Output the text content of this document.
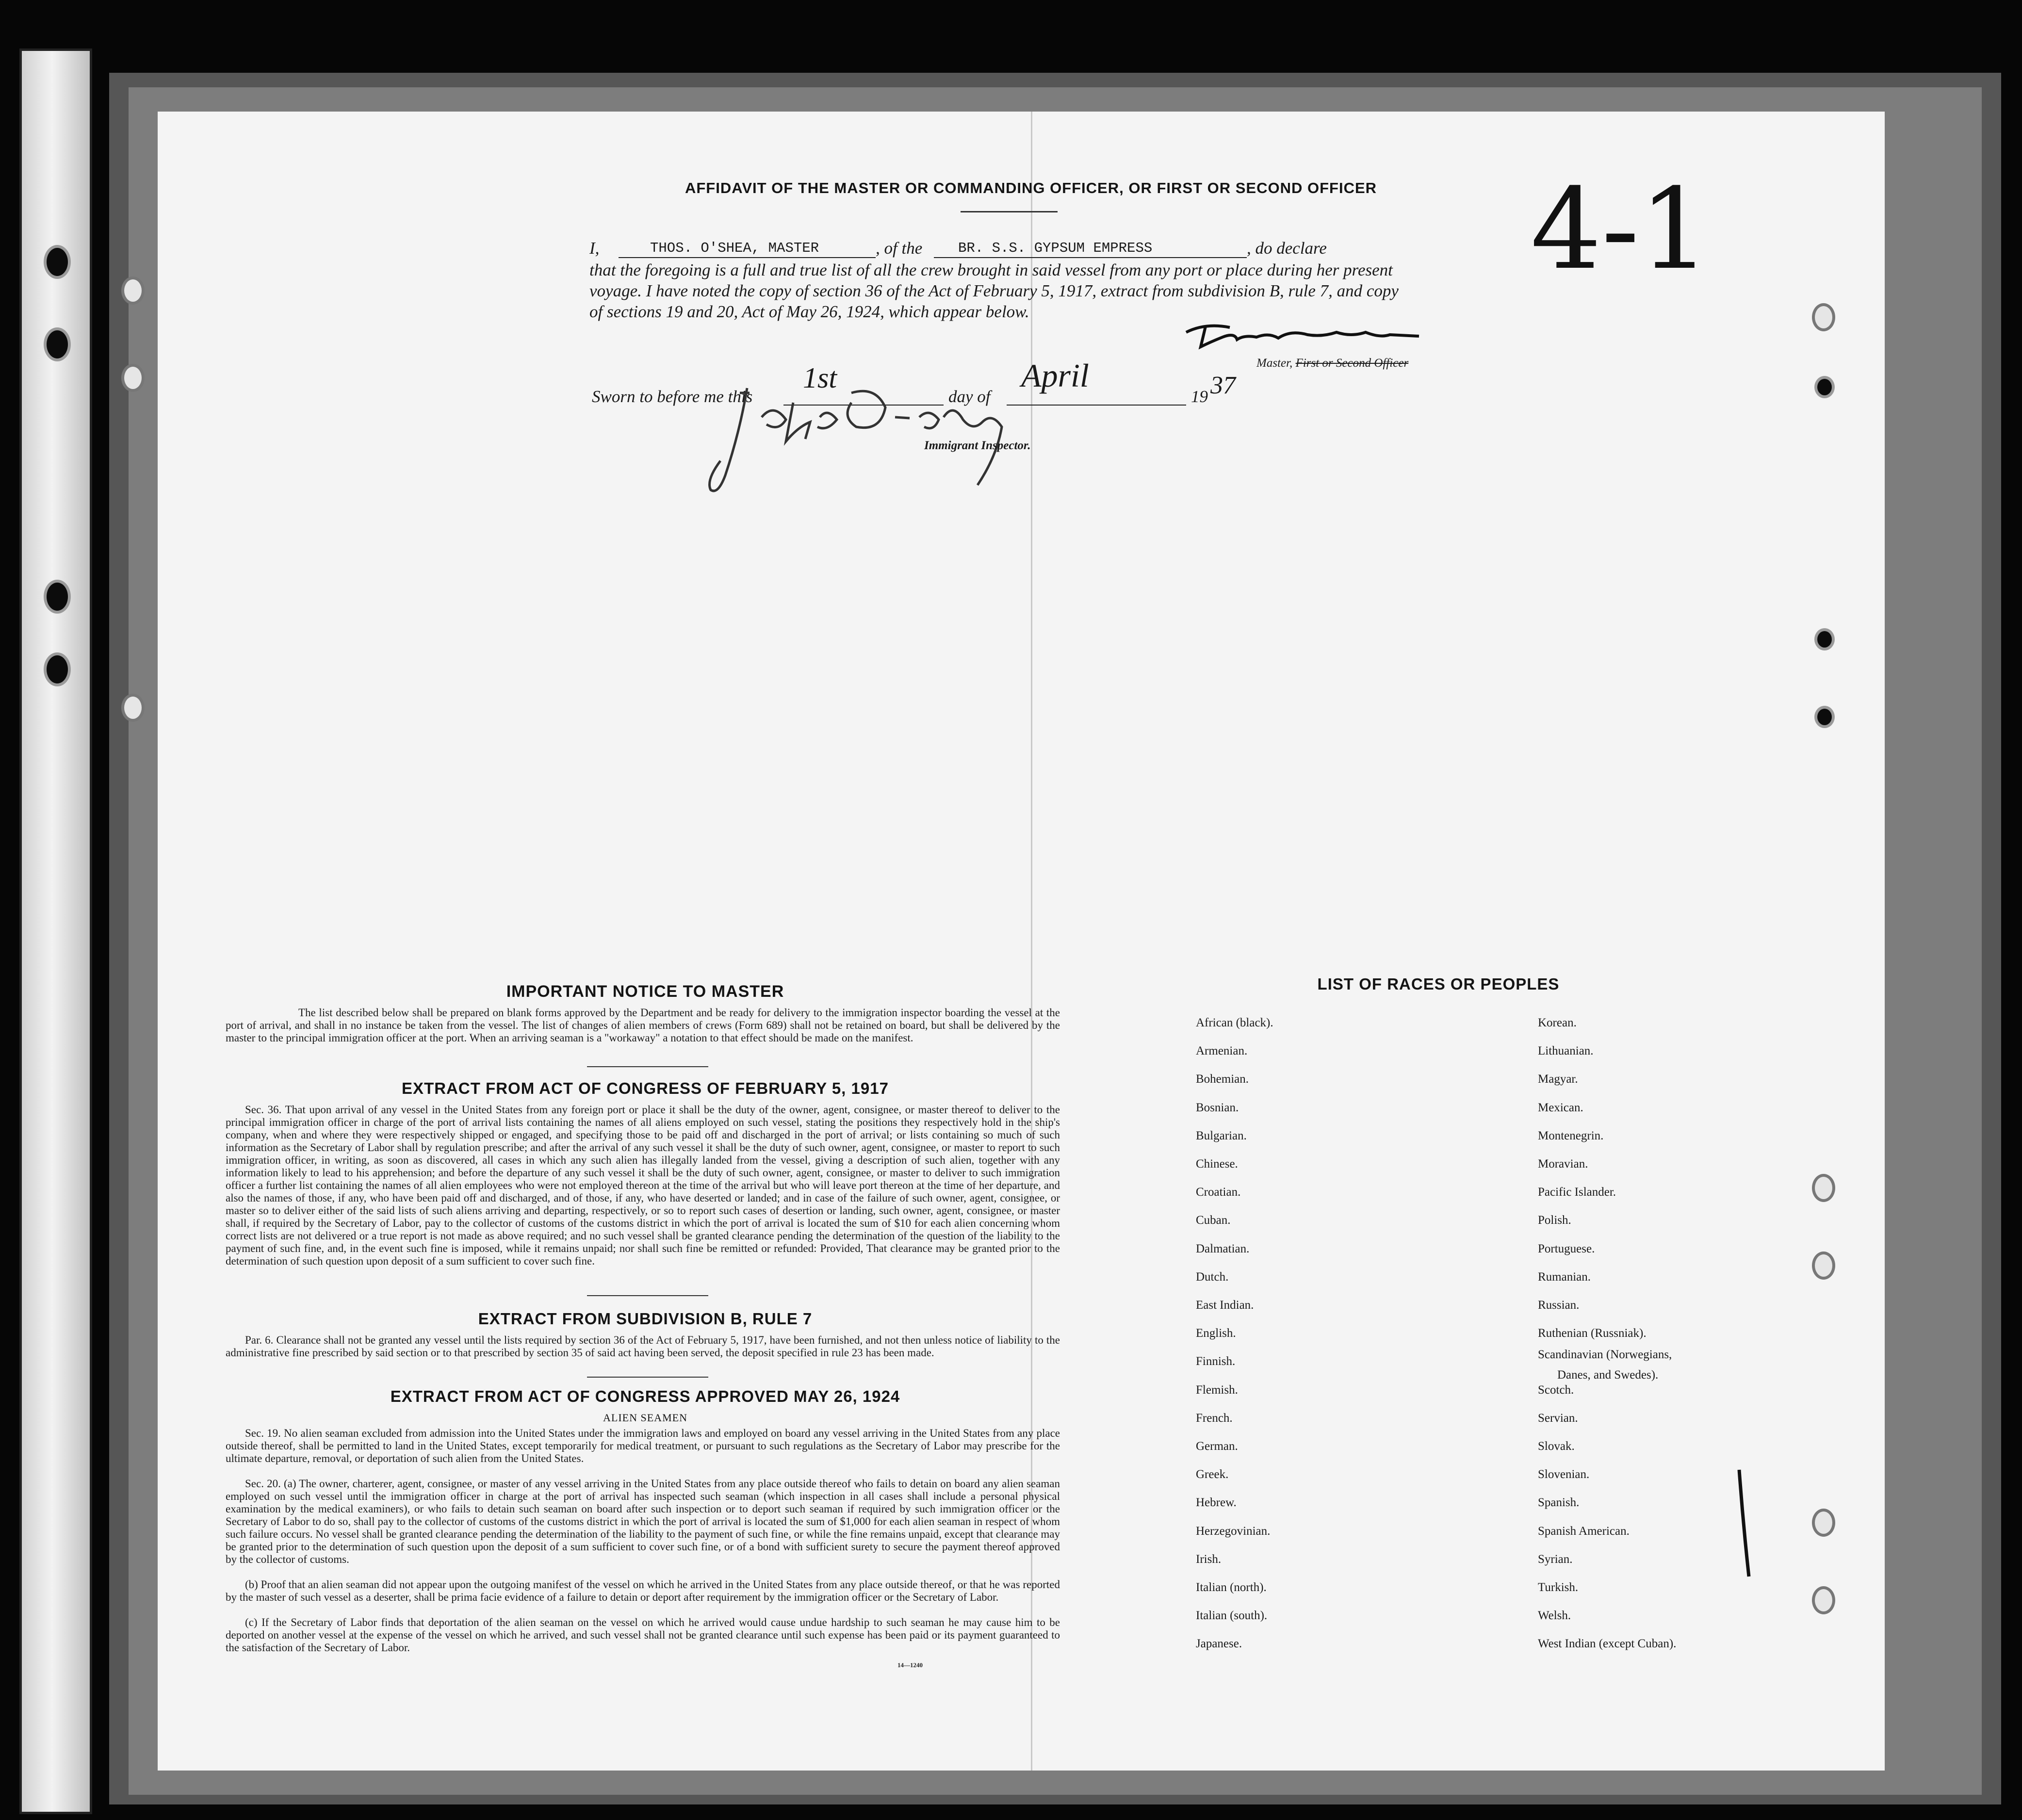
AFFIDAVIT OF THE MASTER OR COMMANDING OFFICER, OR FIRST OR SECOND OFFICER
I,	THOS. O'SHEA, MASTER	, of the	BR. S.S. GYPSUM EMPRESS	, do declare
that the foregoing is a full and true list of all the crew brought in said vessel from any port or place during her present
voyage. I have noted the copy of section 36 of the Act of February 5, 1917, extract from subdivision B, rule 7, and copy
of sections 19 and 20, Act of May 26, 1924, which appear below.
Master, First or Second Officer
Sworn to before me this
1st
day of
April
19 37
Immigrant Inspector.
4-1
IMPORTANT NOTICE TO MASTER
The list described below shall be prepared on blank forms approved by the Department and be ready for delivery to the immigration inspector boarding the vessel at the port of arrival, and shall in no instance be taken from the vessel. The list of changes of alien members of crews (Form 689) shall not be retained on board, but shall be delivered by the master to the principal immigration officer at the port. When an arriving seaman is a "workaway" a notation to that effect should be made on the manifest.
EXTRACT FROM ACT OF CONGRESS OF FEBRUARY 5, 1917
Sec. 36. That upon arrival of any vessel in the United States from any foreign port or place it shall be the duty of the owner, agent, consignee, or master thereof to deliver to the principal immigration officer in charge of the port of arrival lists containing the names of all aliens employed on such vessel, stating the positions they respectively hold in the ship's company, when and where they were respectively shipped or engaged, and specifying those to be paid off and discharged in the port of arrival; or lists containing so much of such information as the Secretary of Labor shall by regulation prescribe; and after the arrival of any such vessel it shall be the duty of such owner, agent, consignee, or master to report to such immigration officer, in writing, as soon as discovered, all cases in which any such alien has illegally landed from the vessel, giving a description of such alien, together with any information likely to lead to his apprehension; and before the departure of any such vessel it shall be the duty of such owner, agent, consignee, or master to deliver to such immigration officer a further list containing the names of all alien employees who were not employed thereon at the time of the arrival but who will leave port thereon at the time of her departure, and also the names of those, if any, who have been paid off and discharged, and of those, if any, who have deserted or landed; and in case of the failure of such owner, agent, consignee, or master so to deliver either of the said lists of such aliens arriving and departing, respectively, or so to report such cases of desertion or landing, such owner, agent, consignee, or master shall, if required by the Secretary of Labor, pay to the collector of customs of the customs district in which the port of arrival is located the sum of $10 for each alien concerning whom correct lists are not delivered or a true report is not made as above required; and no such vessel shall be granted clearance pending the determination of the question of the liability to the payment of such fine, and, in the event such fine is imposed, while it remains unpaid; nor shall such fine be remitted or refunded: Provided, That clearance may be granted prior to the determination of such question upon deposit of a sum sufficient to cover such fine.
EXTRACT FROM SUBDIVISION B, RULE 7
Par. 6. Clearance shall not be granted any vessel until the lists required by section 36 of the Act of February 5, 1917, have been furnished, and not then unless notice of liability to the administrative fine prescribed by said section or to that prescribed by section 35 of said act having been served, the deposit specified in rule 23 has been made.
EXTRACT FROM ACT OF CONGRESS APPROVED MAY 26, 1924
ALIEN SEAMEN
Sec. 19. No alien seaman excluded from admission into the United States under the immigration laws and employed on board any vessel arriving in the United States from any place outside thereof, shall be permitted to land in the United States, except temporarily for medical treatment, or pursuant to such regulations as the Secretary of Labor may prescribe for the ultimate departure, removal, or deportation of such alien from the United States.
Sec. 20. (a) The owner, charterer, agent, consignee, or master of any vessel arriving in the United States from any place outside thereof who fails to detain on board any alien seaman employed on such vessel until the immigration officer in charge at the port of arrival has inspected such seaman (which inspection in all cases shall include a personal physical examination by the medical examiners), or who fails to detain such seaman on board after such inspection or to deport such seaman if required by such immigration officer or the Secretary of Labor to do so, shall pay to the collector of customs of the customs district in which the port of arrival is located the sum of $1,000 for each alien seaman in respect of whom such failure occurs. No vessel shall be granted clearance pending the determination of the liability to the payment of such fine, or while the fine remains unpaid, except that clearance may be granted prior to the determination of such question upon the deposit of a sum sufficient to cover such fine, or of a bond with sufficient surety to secure the payment thereof approved by the collector of customs.
(b) Proof that an alien seaman did not appear upon the outgoing manifest of the vessel on which he arrived in the United States from any place outside thereof, or that he was reported by the master of such vessel as a deserter, shall be prima facie evidence of a failure to detain or deport after requirement by the immigration officer or the Secretary of Labor.
(c) If the Secretary of Labor finds that deportation of the alien seaman on the vessel on which he arrived would cause undue hardship to such seaman he may cause him to be deported on another vessel at the expense of the vessel on which he arrived, and such vessel shall not be granted clearance until such expense has been paid or its payment guaranteed to the satisfaction of the Secretary of Labor.
14—1240
LIST OF RACES OR PEOPLES
African (black).
Armenian.
Bohemian.
Bosnian.
Bulgarian.
Chinese.
Croatian.
Cuban.
Dalmatian.
Dutch.
East Indian.
English.
Finnish.
Flemish.
French.
German.
Greek.
Hebrew.
Herzegovinian.
Irish.
Italian (north).
Italian (south).
Japanese.
Korean.
Lithuanian.
Magyar.
Mexican.
Montenegrin.
Moravian.
Pacific Islander.
Polish.
Portuguese.
Rumanian.
Russian.
Ruthenian (Russniak).
Scandinavian (Norwegians,
Danes, and Swedes).
Scotch.
Servian.
Slovak.
Slovenian.
Spanish.
Spanish American.
Syrian.
Turkish.
Welsh.
West Indian (except Cuban).
